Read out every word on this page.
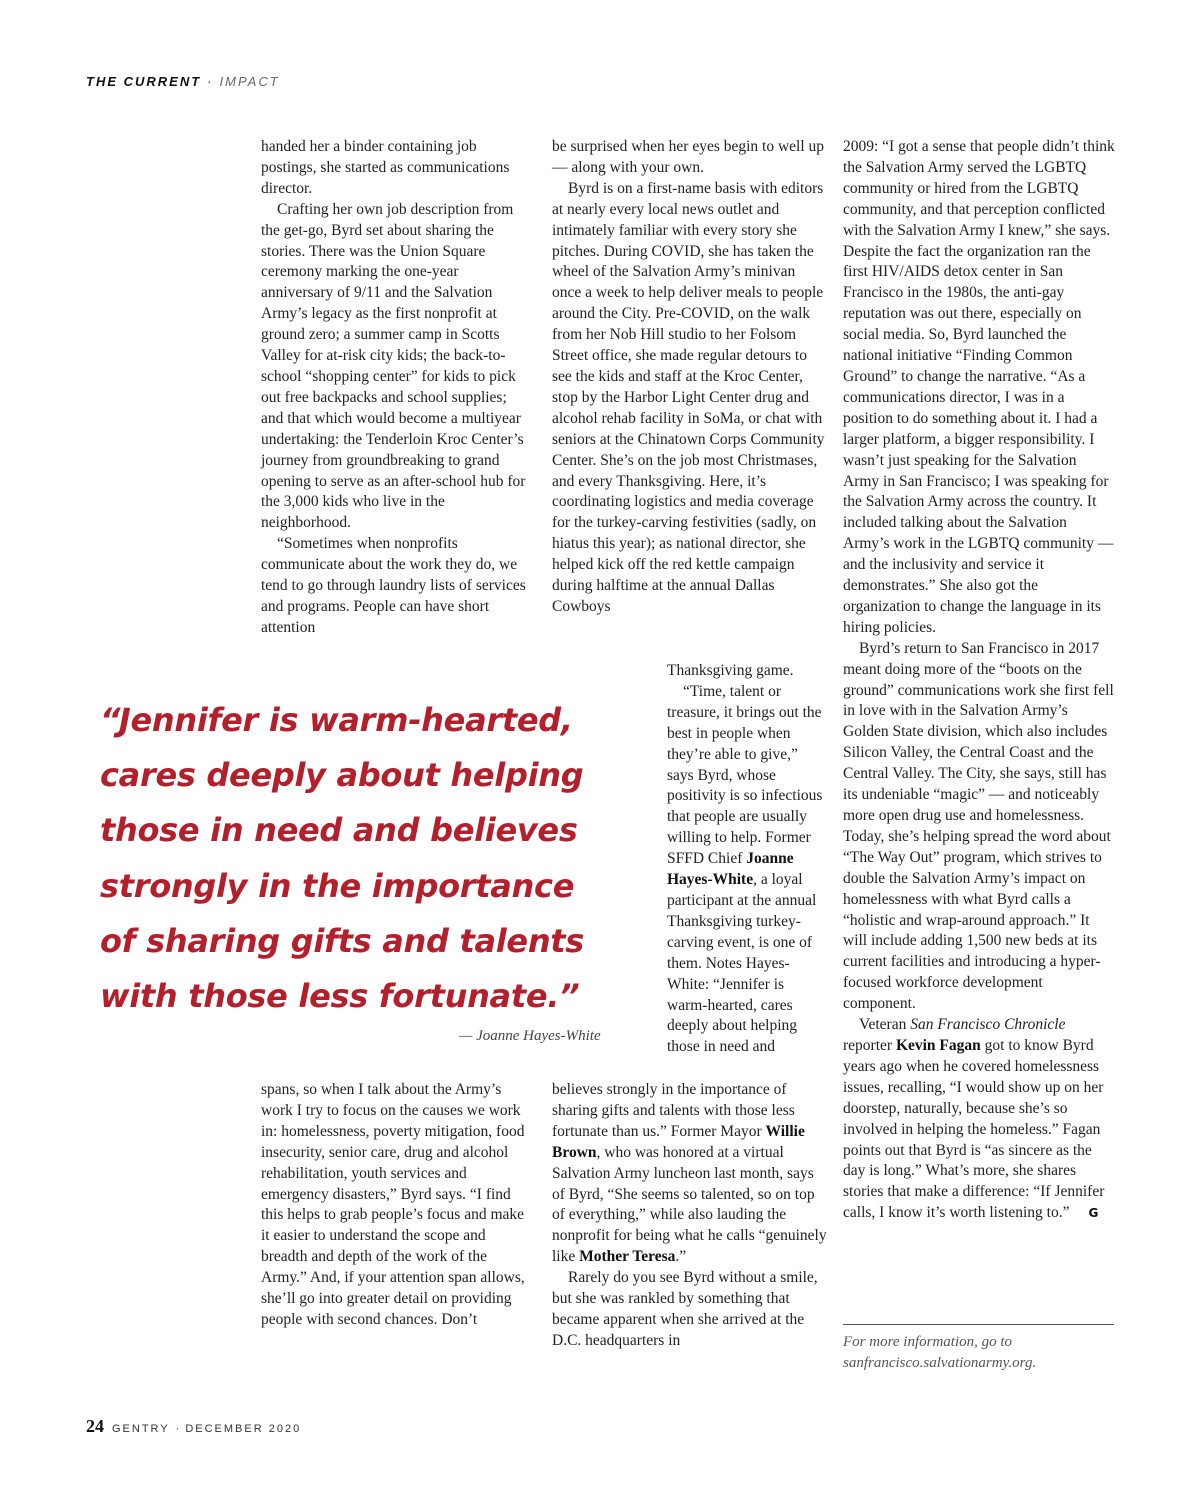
THE CURRENT · IMPACT

handed her a binder containing job postings, she started as communications director.

Crafting her own job description from the get-go, Byrd set about sharing the stories. There was the Union Square ceremony marking the one-year anniversary of 9/11 and the Salvation Army’s legacy as the first nonprofit at ground zero; a summer camp in Scotts Valley for at-risk city kids; the back-to-school “shopping center” for kids to pick out free backpacks and school supplies; and that which would become a multiyear undertaking: the Tenderloin Kroc Center’s journey from groundbreaking to grand opening to serve as an after-school hub for the 3,000 kids who live in the neighborhood.

“Sometimes when nonprofits communicate about the work they do, we tend to go through laundry lists of services and programs. People can have short attention

be surprised when her eyes begin to well up — along with your own.

Byrd is on a first-name basis with editors at nearly every local news outlet and intimately familiar with every story she pitches. During COVID, she has taken the wheel of the Salvation Army’s minivan once a week to help deliver meals to people around the City. Pre-COVID, on the walk from her Nob Hill studio to her Folsom Street office, she made regular detours to see the kids and staff at the Kroc Center, stop by the Harbor Light Center drug and alcohol rehab facility in SoMa, or chat with seniors at the Chinatown Corps Community Center. She’s on the job most Christmases, and every Thanksgiving. Here, it’s coordinating logistics and media coverage for the turkey-carving festivities (sadly, on hiatus this year); as national director, she helped kick off the red kettle campaign during halftime at the annual Dallas Cowboys

Thanksgiving game.

“Time, talent or treasure, it brings out the best in people when they’re able to give,” says Byrd, whose positivity is so infectious that people are usually willing to help. Former SFFD Chief Joanne Hayes-White, a loyal participant at the annual Thanksgiving turkey-carving event, is one of them. Notes Hayes-White: “Jennifer is warm-hearted, cares deeply about helping those in need and

“Jennifer is warm-hearted,
cares deeply about helping
those in need and believes
strongly in the importance
of sharing gifts and talents
with those less fortunate.”
— Joanne Hayes-White

spans, so when I talk about the Army’s work I try to focus on the causes we work in: homelessness, poverty mitigation, food insecurity, senior care, drug and alcohol rehabilitation, youth services and emergency disasters,” Byrd says. “I find this helps to grab people’s focus and make it easier to understand the scope and breadth and depth of the work of the Army.” And, if your attention span allows, she’ll go into greater detail on providing people with second chances. Don’t

believes strongly in the importance of sharing gifts and talents with those less fortunate than us.” Former Mayor Willie Brown, who was honored at a virtual Salvation Army luncheon last month, says of Byrd, “She seems so talented, so on top of everything,” while also lauding the nonprofit for being what he calls “genuinely like Mother Teresa.”

Rarely do you see Byrd without a smile, but she was rankled by something that became apparent when she arrived at the D.C. headquarters in

2009: “I got a sense that people didn’t think the Salvation Army served the LGBTQ community or hired from the LGBTQ community, and that perception conflicted with the Salvation Army I knew,” she says. Despite the fact the organization ran the first HIV/AIDS detox center in San Francisco in the 1980s, the anti-gay reputation was out there, especially on social media. So, Byrd launched the national initiative “Finding Common Ground” to change the narrative. “As a communications director, I was in a position to do something about it. I had a larger platform, a bigger responsibility. I wasn’t just speaking for the Salvation Army in San Francisco; I was speaking for the Salvation Army across the country. It included talking about the Salvation Army’s work in the LGBTQ community — and the inclusivity and service it demonstrates.” She also got the organization to change the language in its hiring policies.

Byrd’s return to San Francisco in 2017 meant doing more of the “boots on the ground” communications work she first fell in love with in the Salvation Army’s Golden State division, which also includes Silicon Valley, the Central Coast and the Central Valley. The City, she says, still has its undeniable “magic” — and noticeably more open drug use and homelessness. Today, she’s helping spread the word about “The Way Out” program, which strives to double the Salvation Army’s impact on homelessness with what Byrd calls a “holistic and wrap-around approach.” It will include adding 1,500 new beds at its current facilities and introducing a hyper-focused workforce development component.

Veteran San Francisco Chronicle reporter Kevin Fagan got to know Byrd years ago when he covered homelessness issues, recalling, “I would show up on her doorstep, naturally, because she’s so involved in helping the homeless.” Fagan points out that Byrd is “as sincere as the day is long.” What’s more, she shares stories that make a difference: “If Jennifer calls, I know it’s worth listening to.” G

For more information, go to
sanfrancisco.salvationarmy.org.
24 GENTRY · DECEMBER 2020
